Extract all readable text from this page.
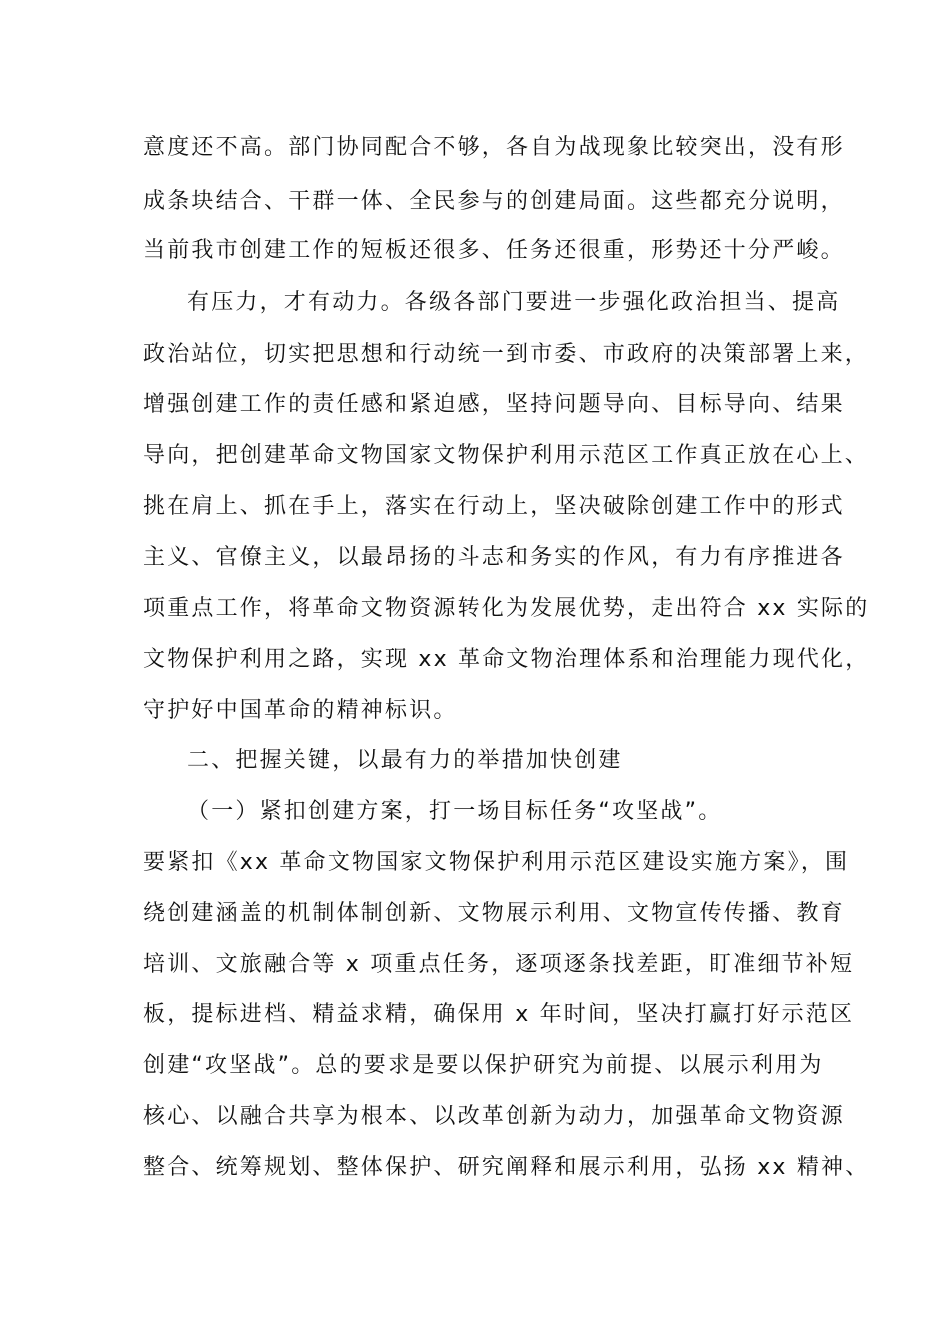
意度还不高。部门协同配合不够，各自为战现象比较突出，没有形

成条块结合、干群一体、全民参与的创建局面。这些都充分说明，

当前我市创建工作的短板还很多、任务还很重，形势还十分严峻。

有压力，才有动力。各级各部门要进一步强化政治担当、提高

政治站位，切实把思想和行动统一到市委、市政府的决策部署上来，

增强创建工作的责任感和紧迫感，坚持问题导向、目标导向、结果

导向，把创建革命文物国家文物保护利用示范区工作真正放在心上、

挑在肩上、抓在手上，落实在行动上，坚决破除创建工作中的形式

主义、官僚主义，以最昂扬的斗志和务实的作风，有力有序推进各

项重点工作，将革命文物资源转化为发展优势，走出符合 xx 实际的

文物保护利用之路，实现 xx 革命文物治理体系和治理能力现代化，

守护好中国革命的精神标识。

二、把握关键，以最有力的举措加快创建

（一）紧扣创建方案，打一场目标任务“攻坚战”。

要紧扣《xx 革命文物国家文物保护利用示范区建设实施方案》，围

绕创建涵盖的机制体制创新、文物展示利用、文物宣传传播、教育

培训、文旅融合等 x 项重点任务，逐项逐条找差距，盯准细节补短

板，提标进档、精益求精，确保用 x 年时间，坚决打赢打好示范区

创建“攻坚战”。总的要求是要以保护研究为前提、以展示利用为

核心、以融合共享为根本、以改革创新为动力，加强革命文物资源

整合、统筹规划、整体保护、研究阐释和展示利用，弘扬 xx 精神、
